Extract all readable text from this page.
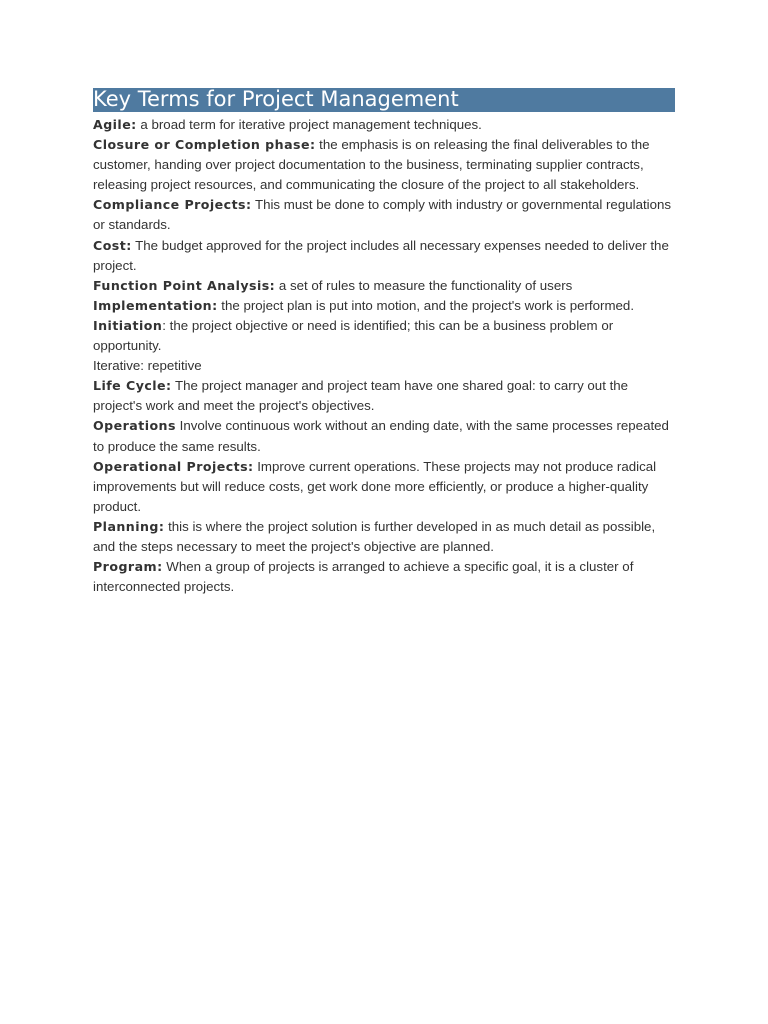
Key Terms for Project Management

Agile: a broad term for iterative project management techniques.

Closure or Completion phase: the emphasis is on releasing the final deliverables to the customer, handing over project documentation to the business, terminating supplier contracts, releasing project resources, and communicating the closure of the project to all stakeholders.

Compliance Projects: This must be done to comply with industry or governmental regulations or standards.

Cost: The budget approved for the project includes all necessary expenses needed to deliver the project.

Function Point Analysis: a set of rules to measure the functionality of users

Implementation: the project plan is put into motion, and the project's work is performed.

Initiation: the project objective or need is identified; this can be a business problem or opportunity.

Iterative: repetitive

Life Cycle: The project manager and project team have one shared goal: to carry out the project's work and meet the project's objectives.

Operations Involve continuous work without an ending date, with the same processes repeated to produce the same results.

Operational Projects: Improve current operations. These projects may not produce radical improvements but will reduce costs, get work done more efficiently, or produce a higher-quality product.

Planning: this is where the project solution is further developed in as much detail as possible, and the steps necessary to meet the project's objective are planned.

Program: When a group of projects is arranged to achieve a specific goal, it is a cluster of interconnected projects.
